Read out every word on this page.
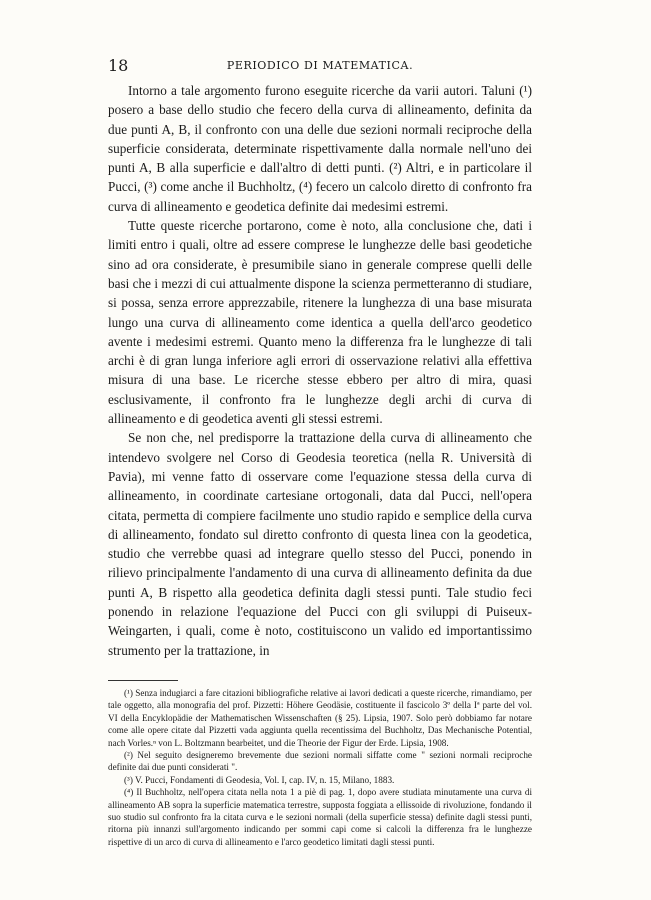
18	PERIODICO DI MATEMATICA.

Intorno a tale argomento furono eseguite ricerche da varii autori. Taluni (¹) posero a base dello studio che fecero della curva di allineamento, definita da due punti A, B, il confronto con una delle due sezioni normali reciproche della superficie considerata, determinate rispettivamente dalla normale nell'uno dei punti A, B alla superficie e dall'altro di detti punti. (²) Altri, e in particolare il Pucci, (³) come anche il Buchholtz, (⁴) fecero un calcolo diretto di confronto fra curva di allineamento e geodetica definite dai medesimi estremi.

Tutte queste ricerche portarono, come è noto, alla conclusione che, dati i limiti entro i quali, oltre ad essere comprese le lunghezze delle basi geodetiche sino ad ora considerate, è presumibile siano in generale comprese quelli delle basi che i mezzi di cui attualmente dispone la scienza permetteranno di studiare, si possa, senza errore apprezzabile, ritenere la lunghezza di una base misurata lungo una curva di allineamento come identica a quella dell'arco geodetico avente i medesimi estremi. Quanto meno la differenza fra le lunghezze di tali archi è di gran lunga inferiore agli errori di osservazione relativi alla effettiva misura di una base. Le ricerche stesse ebbero per altro di mira, quasi esclusivamente, il confronto fra le lunghezze degli archi di curva di allineamento e di geodetica aventi gli stessi estremi.

Se non che, nel predisporre la trattazione della curva di allineamento che intendevo svolgere nel Corso di Geodesia teoretica (nella R. Università di Pavia), mi venne fatto di osservare come l'equazione stessa della curva di allineamento, in coordinate cartesiane ortogonali, data dal Pucci, nell'opera citata, permetta di compiere facilmente uno studio rapido e semplice della curva di allineamento, fondato sul diretto confronto di questa linea con la geodetica, studio che verrebbe quasi ad integrare quello stesso del Pucci, ponendo in rilievo principalmente l'andamento di una curva di allineamento definita da due punti A, B rispetto alla geodetica definita dagli stessi punti. Tale studio feci ponendo in relazione l'equazione del Pucci con gli sviluppi di Puiseux-Weingarten, i quali, come è noto, costituiscono un valido ed importantissimo strumento per la trattazione, in

(¹) Senza indugiarci a fare citazioni bibliografiche relative ai lavori dedicati a queste ricerche, rimandiamo, per tale oggetto, alla monografia del prof. Pizzetti: Höhere Geodäsie, costituente il fascicolo 3º della Iª parte del vol. VI della Encyklopädie der Mathematischen Wissenschaften (§ 25). Lipsia, 1907. Solo però dobbiamo far notare come alle opere citate dal Pizzetti vada aggiunta quella recentissima del Buchholtz, Das Mechanische Potential, nach Vorles.ⁿ von L. Boltzmann bearbeitet, und die Theorie der Figur der Erde. Lipsia, 1908.

(²) Nel seguito designeremo brevemente due sezioni normali siffatte come " sezioni normali reciproche definite dai due punti considerati ".

(³) V. Pucci, Fondamenti di Geodesia, Vol. I, cap. IV, n. 15, Milano, 1883.

(⁴) Il Buchholtz, nell'opera citata nella nota 1 a piè di pag. 1, dopo avere studiata minutamente una curva di allineamento AB sopra la superficie matematica terrestre, supposta foggiata a ellissoide di rivoluzione, fondando il suo studio sul confronto fra la citata curva e le sezioni normali (della superficie stessa) definite dagli stessi punti, ritorna più innanzi sull'argomento indicando per sommi capi come si calcoli la differenza fra le lunghezze rispettive di un arco di curva di allineamento e l'arco geodetico limitati dagli stessi punti.
